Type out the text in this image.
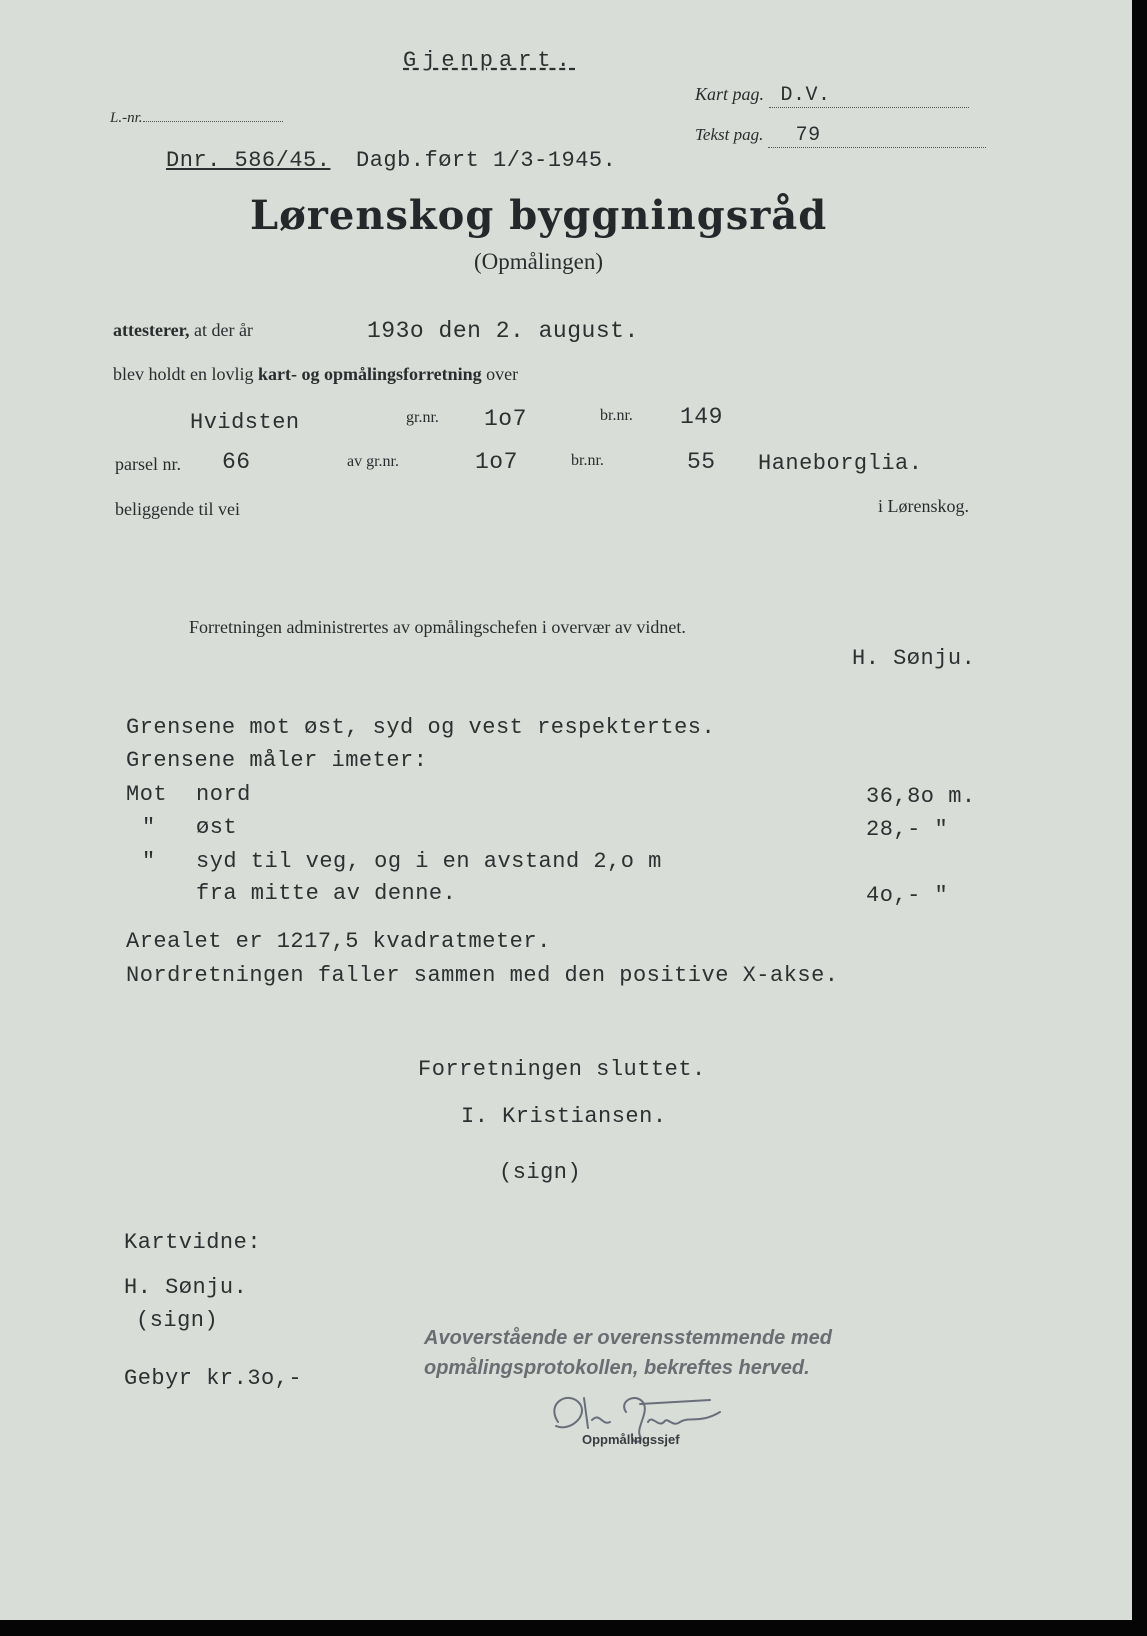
Gjenpart.
L.-nr.
Kart pag. D.V.
Tekst pag. 79
Dnr. 586/45. Dagb.ført 1/3-1945.
Lørenskog byggningsråd
(Opmålingen)
attesterer, at der år	193o den 2. august.
blev holdt en lovlig kart- og opmålingsforretning over
Hvidsten	gr.nr. 1o7	br.nr. 149
parsel nr. 66	av gr.nr.	1o7	br.nr.	55 Haneborglia.
beliggende til vei	i Lørenskog.
Forretningen administrertes av opmålingschefen i overvær av vidnet.
H. Sønju.
Grensene mot øst, syd og vest respektertes.
Grensene måler imeter:
Mot nord	36,8o m.
" øst	28,- "
" syd til veg, og i en avstand 2,o m
fra mitte av denne.	4o,- "
Arealet er 1217,5 kvadratmeter.
Nordretningen faller sammen med den positive X-akse.
Forretningen sluttet.
I. Kristiansen.
(sign)
Kartvidne:
H. Sønju.
(sign)
Gebyr kr.3o,-
Avoverstående er overensstemmende med
opmålingsprotokollen, bekreftes herved.
Oppmålingssjef
